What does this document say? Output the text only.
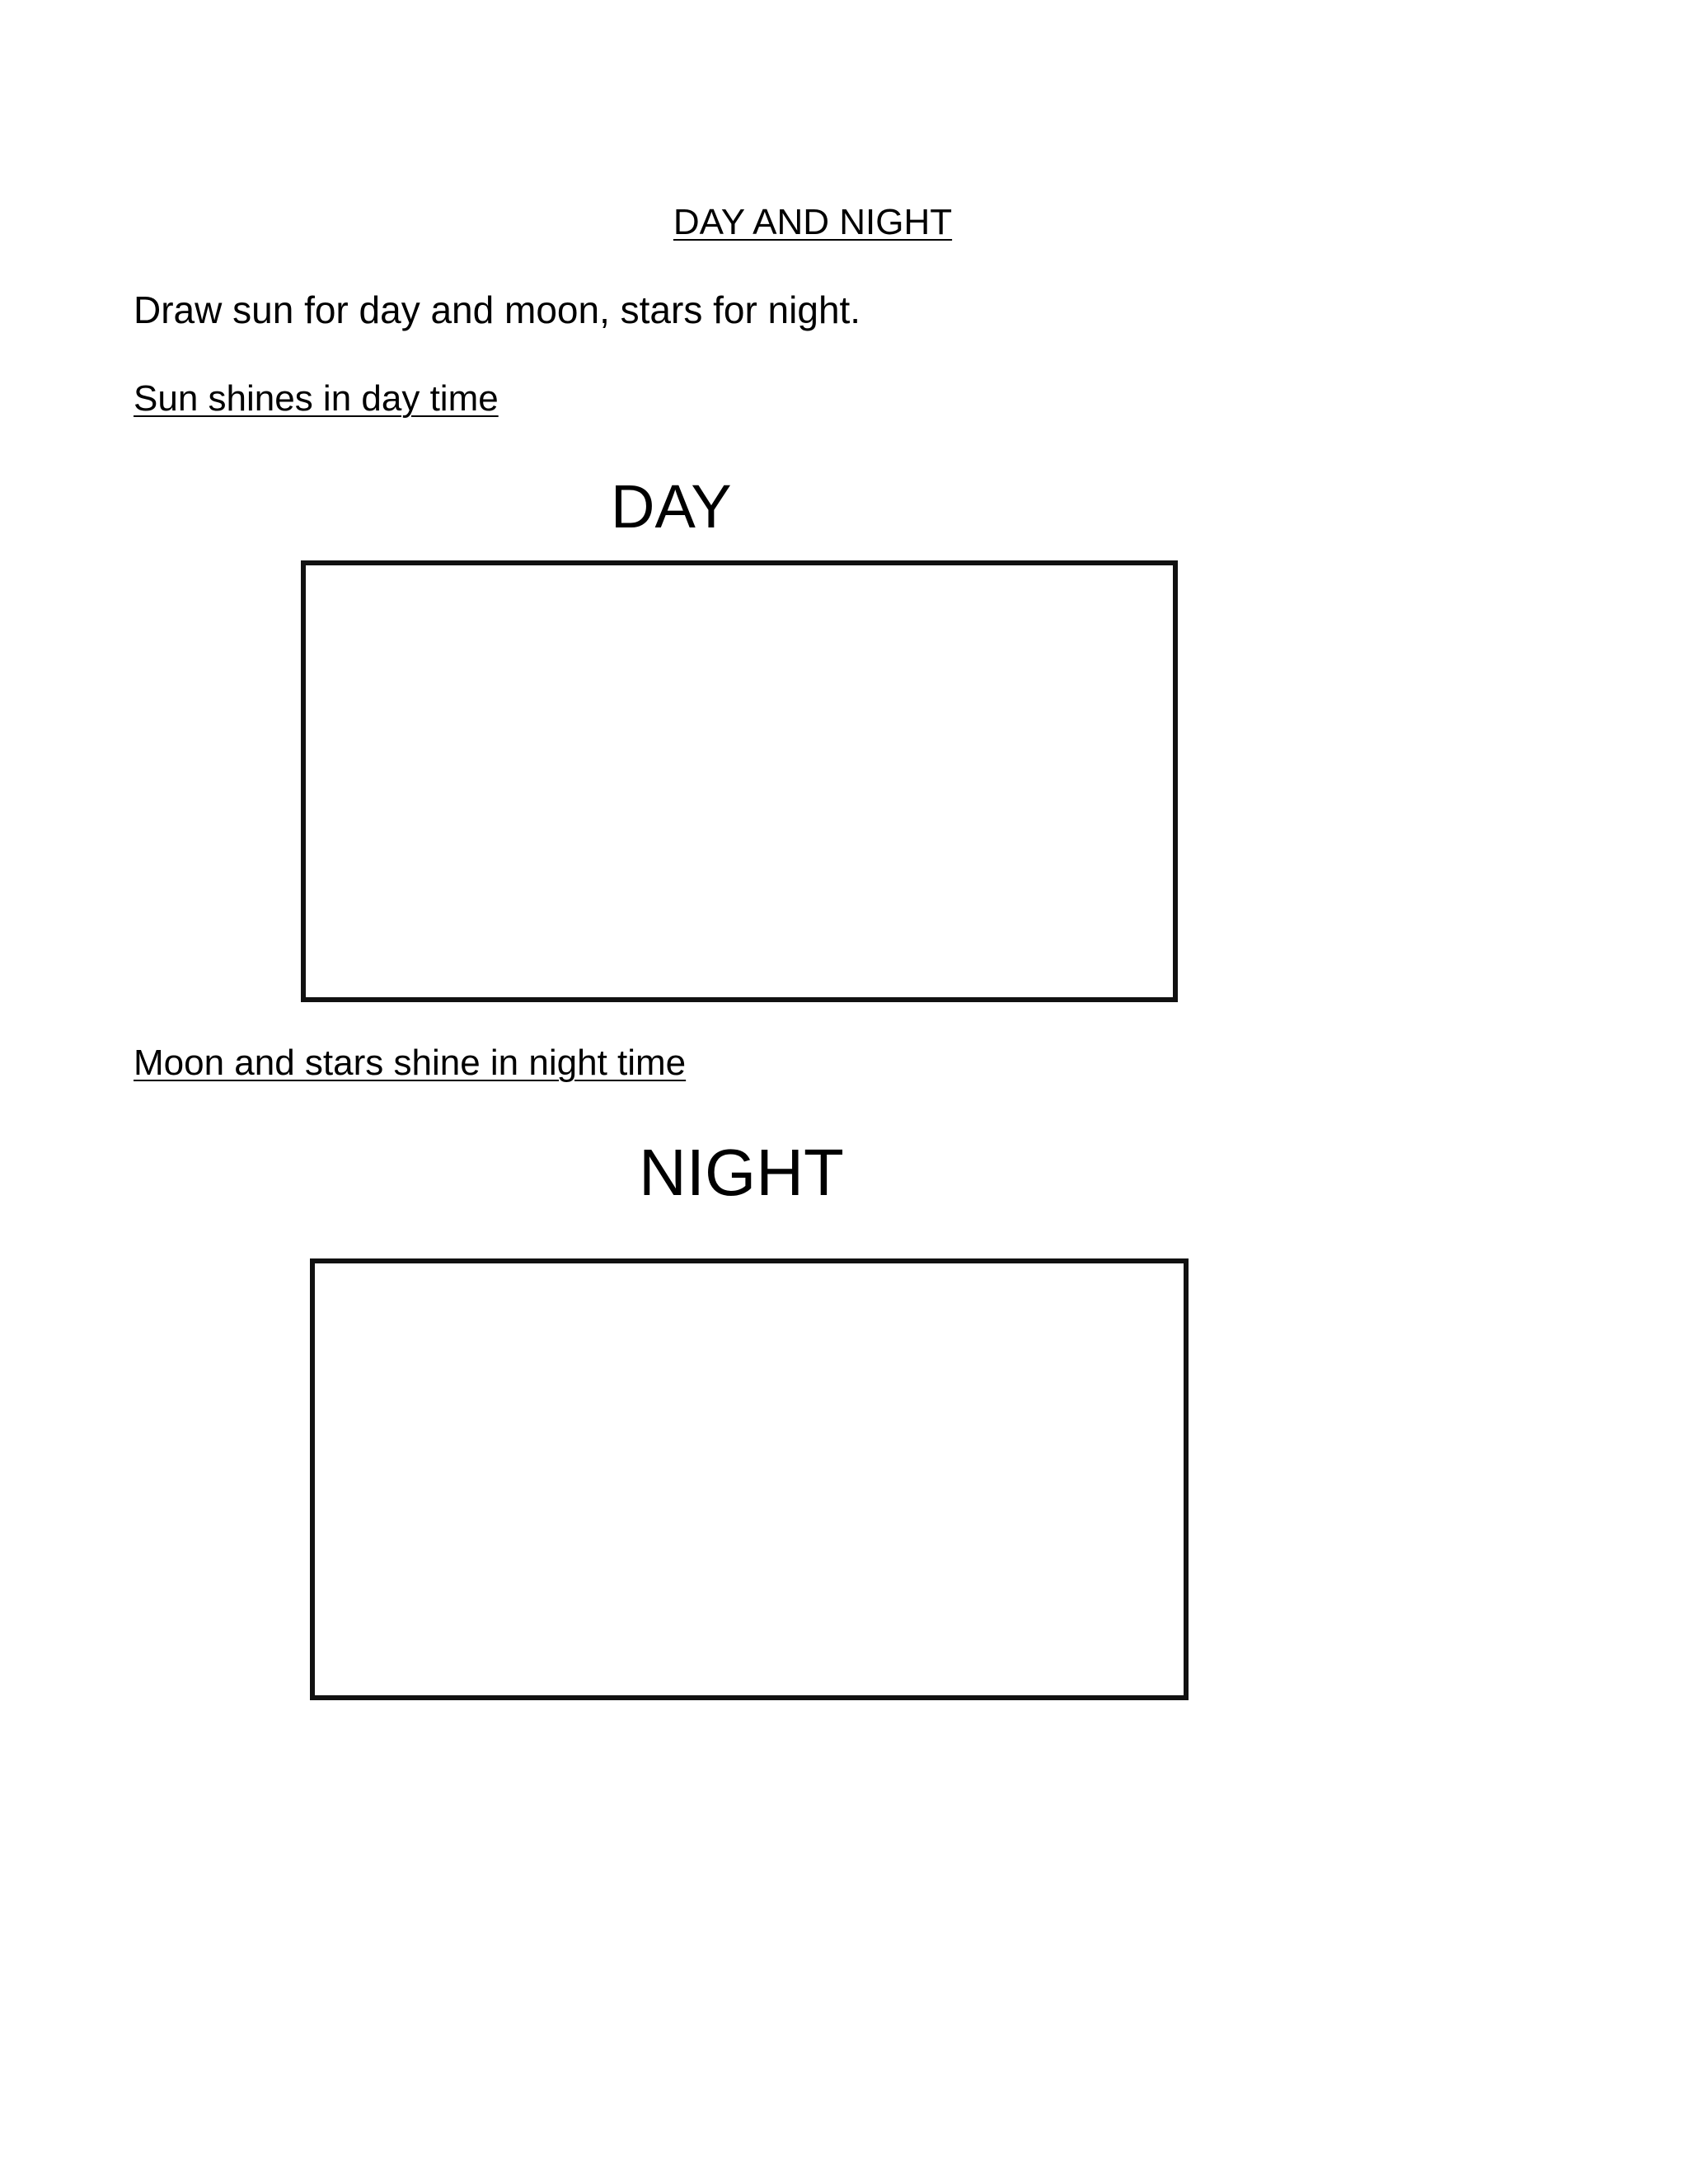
DAY AND NIGHT
Draw sun for day and moon, stars for night.
Sun shines in day time
DAY
Moon and stars shine in night time
NIGHT
